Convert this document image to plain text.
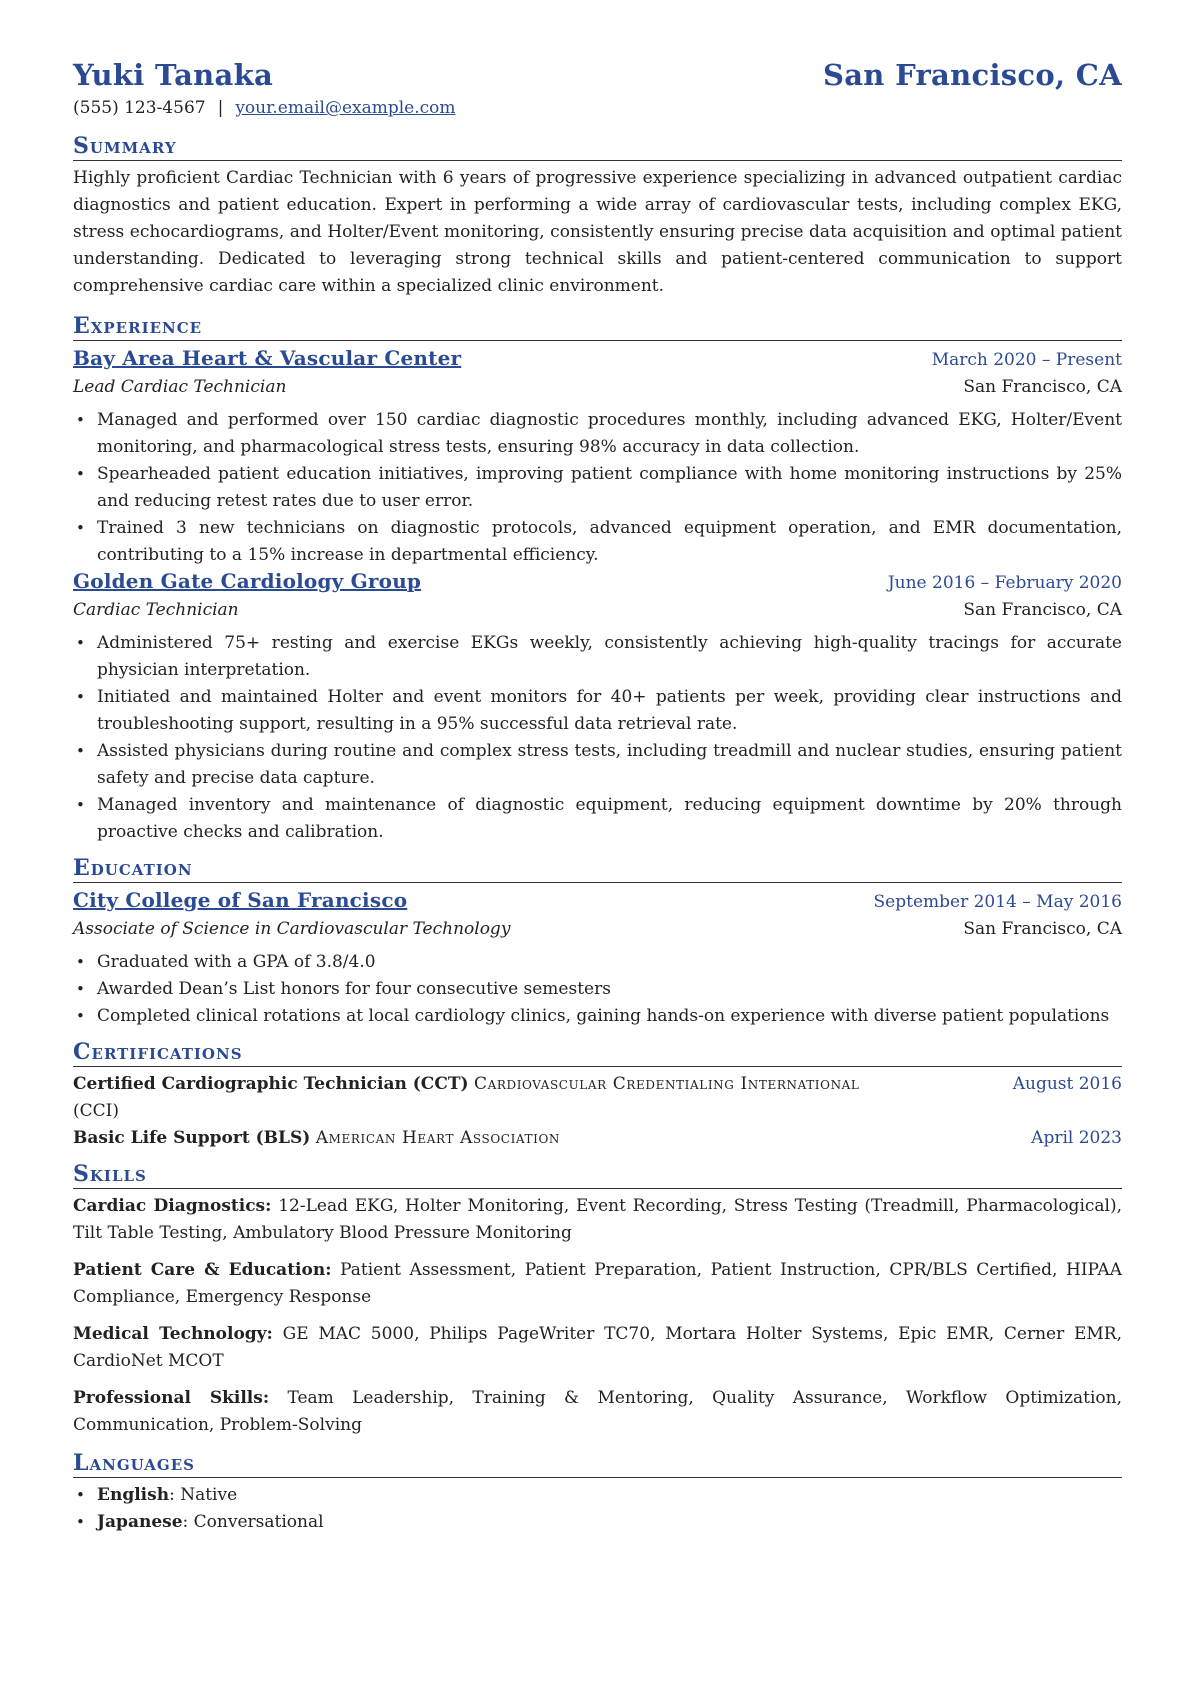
Yuki Tanaka	San Francisco, CA
(555) 123-4567 | your.email@example.com
Summary

Highly proficient Cardiac Technician with 6 years of progressive experience specializing in advanced outpatient cardiac diagnostics and patient education. Expert in performing a wide array of cardiovascular tests, including complex EKG, stress echocardiograms, and Holter/Event monitoring, consistently ensuring precise data acquisition and optimal patient understanding. Dedicated to leveraging strong technical skills and patient-centered communication to support comprehensive cardiac care within a specialized clinic environment.

Experience
Bay Area Heart & Vascular Center	March 2020 – Present
Lead Cardiac Technician	San Francisco, CA
• Managed and performed over 150 cardiac diagnostic procedures monthly, including advanced EKG, Holter/Event monitoring, and pharmacological stress tests, ensuring 98% accuracy in data collection.
• Spearheaded patient education initiatives, improving patient compliance with home monitoring instructions by 25% and reducing retest rates due to user error.
• Trained 3 new technicians on diagnostic protocols, advanced equipment operation, and EMR documentation, contributing to a 15% increase in departmental efficiency.
Golden Gate Cardiology Group	June 2016 – February 2020
Cardiac Technician	San Francisco, CA
• Administered 75+ resting and exercise EKGs weekly, consistently achieving high-quality tracings for accurate physician interpretation.
• Initiated and maintained Holter and event monitors for 40+ patients per week, providing clear instructions and troubleshooting support, resulting in a 95% successful data retrieval rate.
• Assisted physicians during routine and complex stress tests, including treadmill and nuclear studies, ensuring patient safety and precise data capture.
• Managed inventory and maintenance of diagnostic equipment, reducing equipment downtime by 20% through proactive checks and calibration.
Education
City College of San Francisco	September 2014 – May 2016
Associate of Science in Cardiovascular Technology	San Francisco, CA
• Graduated with a GPA of 3.8/4.0
• Awarded Dean’s List honors for four consecutive semesters
• Completed clinical rotations at local cardiology clinics, gaining hands-on experience with diverse patient populations
Certifications
Certified Cardiographic Technician (CCT) Cardiovascular Credentialing International	August 2016
(CCI)
Basic Life Support (BLS) American Heart Association	April 2023
Skills
Cardiac Diagnostics: 12-Lead EKG, Holter Monitoring, Event Recording, Stress Testing (Treadmill, Pharmacological), Tilt Table Testing, Ambulatory Blood Pressure Monitoring
Patient Care & Education: Patient Assessment, Patient Preparation, Patient Instruction, CPR/BLS Certified, HIPAA Compliance, Emergency Response
Medical Technology: GE MAC 5000, Philips PageWriter TC70, Mortara Holter Systems, Epic EMR, Cerner EMR, CardioNet MCOT
Professional Skills: Team Leadership, Training & Mentoring, Quality Assurance, Workflow Optimization, Communication, Problem-Solving
Languages
• English: Native
• Japanese: Conversational
